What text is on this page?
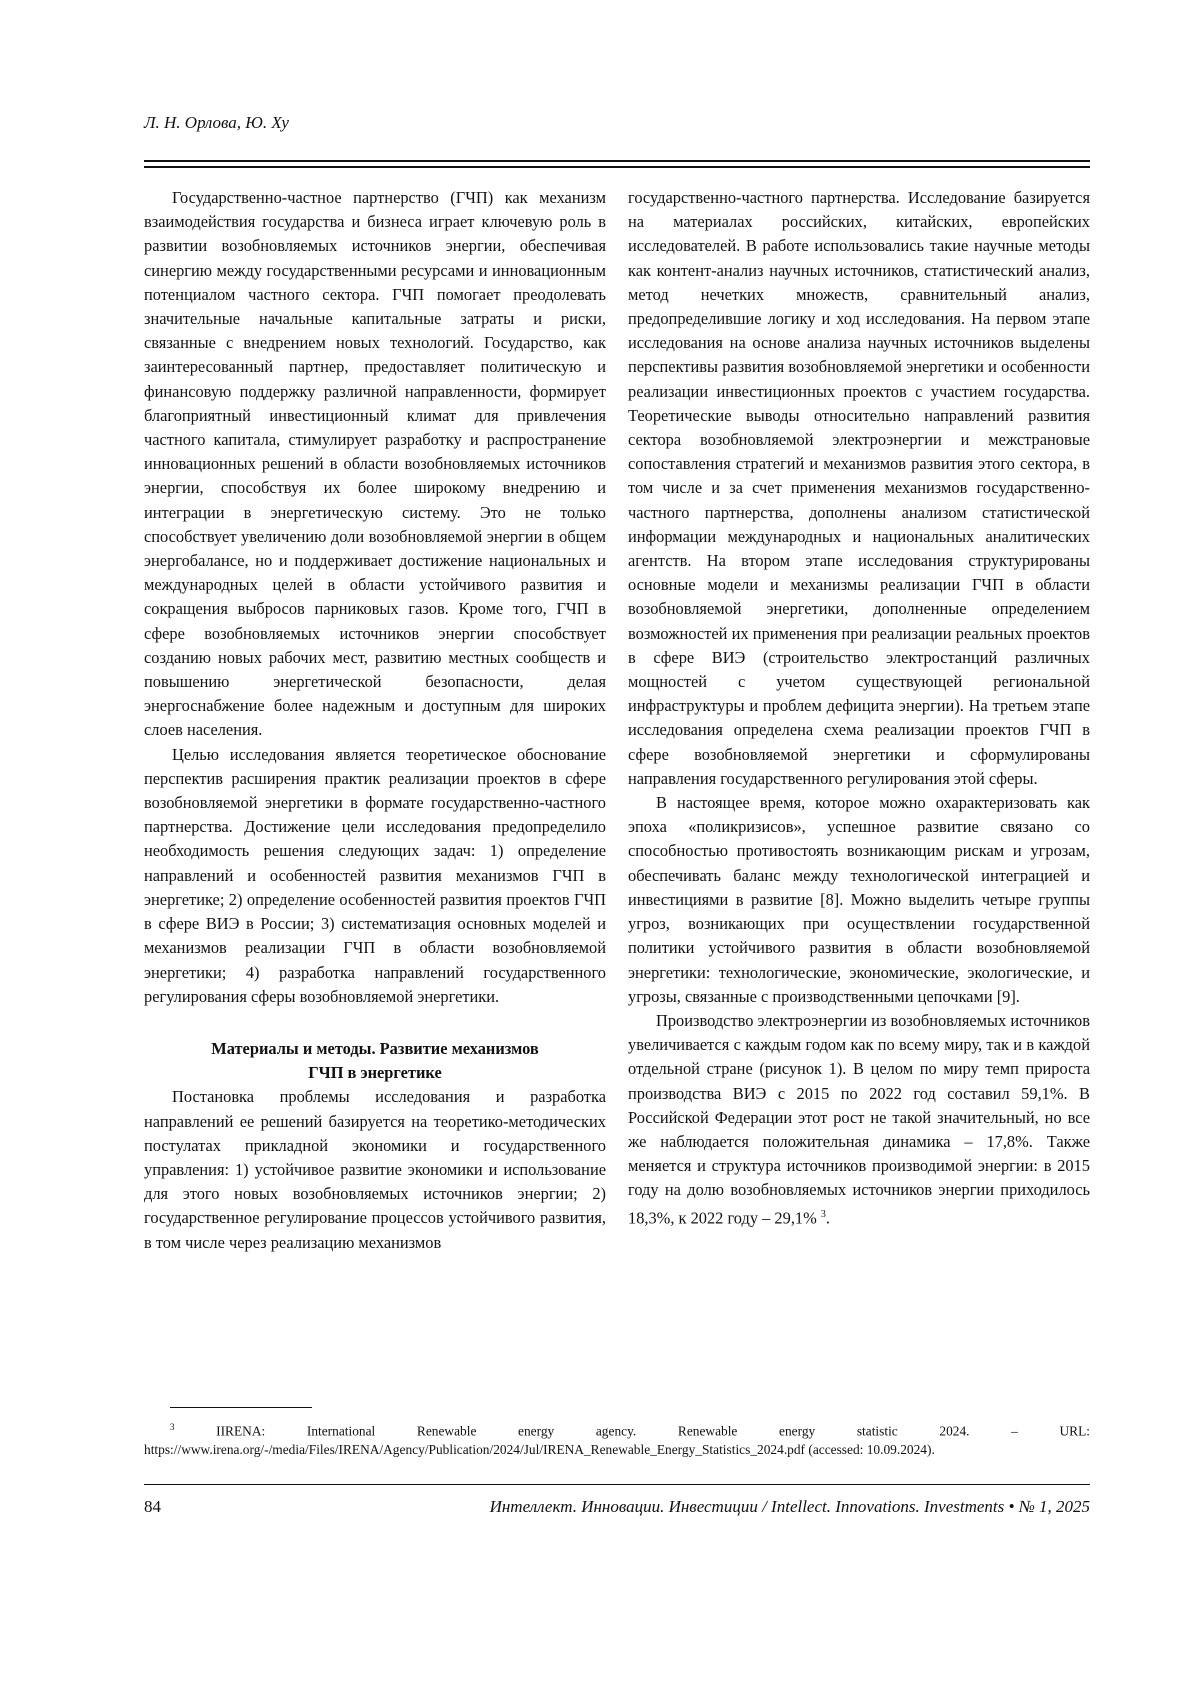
Л. Н. Орлова, Ю. Ху

Государственно-частное партнерство (ГЧП) как механизм взаимодействия государства и бизнеса играет ключевую роль в развитии возобновляемых источников энергии, обеспечивая синергию между государственными ресурсами и инновационным потенциалом частного сектора. ГЧП помогает преодолевать значительные начальные капитальные затраты и риски, связанные с внедрением новых технологий. Государство, как заинтересованный партнер, предоставляет политическую и финансовую поддержку различной направленности, формирует благоприятный инвестиционный климат для привлечения частного капитала, стимулирует разработку и распространение инновационных решений в области возобновляемых источников энергии, способствуя их более широкому внедрению и интеграции в энергетическую систему. Это не только способствует увеличению доли возобновляемой энергии в общем энергобалансе, но и поддерживает достижение национальных и международных целей в области устойчивого развития и сокращения выбросов парниковых газов. Кроме того, ГЧП в сфере возобновляемых источников энергии способствует созданию новых рабочих мест, развитию местных сообществ и повышению энергетической безопасности, делая энергоснабжение более надежным и доступным для широких слоев населения.

Целью исследования является теоретическое обоснование перспектив расширения практик реализации проектов в сфере возобновляемой энергетики в формате государственно-частного партнерства. Достижение цели исследования предопределило необходимость решения следующих задач: 1) определение направлений и особенностей развития механизмов ГЧП в энергетике; 2) определение особенностей развития проектов ГЧП в сфере ВИЭ в России; 3) систематизация основных моделей и механизмов реализации ГЧП в области возобновляемой энергетики; 4) разработка направлений государственного регулирования сферы возобновляемой энергетики.

Материалы и методы. Развитие механизмов
ГЧП в энергетике

Постановка проблемы исследования и разработка направлений ее решений базируется на теоретико-методических постулатах прикладной экономики и государственного управления: 1) устойчивое развитие экономики и использование для этого новых возобновляемых источников энергии; 2) государственное регулирование процессов устойчивого развития, в том числе через реализацию механизмов

государственно-частного партнерства. Исследование базируется на материалах российских, китайских, европейских исследователей. В работе использовались такие научные методы как контент-анализ научных источников, статистический анализ, метод нечетких множеств, сравнительный анализ, предопределившие логику и ход исследования. На первом этапе исследования на основе анализа научных источников выделены перспективы развития возобновляемой энергетики и особенности реализации инвестиционных проектов с участием государства. Теоретические выводы относительно направлений развития сектора возобновляемой электроэнергии и межстрановые сопоставления стратегий и механизмов развития этого сектора, в том числе и за счет применения механизмов государственно-частного партнерства, дополнены анализом статистической информации международных и национальных аналитических агентств. На втором этапе исследования структурированы основные модели и механизмы реализации ГЧП в области возобновляемой энергетики, дополненные определением возможностей их применения при реализации реальных проектов в сфере ВИЭ (строительство электростанций различных мощностей с учетом существующей региональной инфраструктуры и проблем дефицита энергии). На третьем этапе исследования определена схема реализации проектов ГЧП в сфере возобновляемой энергетики и сформулированы направления государственного регулирования этой сферы.

В настоящее время, которое можно охарактеризовать как эпоха «поликризисов», успешное развитие связано со способностью противостоять возникающим рискам и угрозам, обеспечивать баланс между технологической интеграцией и инвестициями в развитие [8]. Можно выделить четыре группы угроз, возникающих при осуществлении государственной политики устойчивого развития в области возобновляемой энергетики: технологические, экономические, экологические, и угрозы, связанные с производственными цепочками [9].

Производство электроэнергии из возобновляемых источников увеличивается с каждым годом как по всему миру, так и в каждой отдельной стране (рисунок 1). В целом по миру темп прироста производства ВИЭ с 2015 по 2022 год составил 59,1%. В Российской Федерации этот рост не такой значительный, но все же наблюдается положительная динамика – 17,8%. Также меняется и структура источников производимой энергии: в 2015 году на долю возобновляемых источников энергии приходилось 18,3%, к 2022 году – 29,1% $^3$.

$^3$	IIRENA: International Renewable energy agency. Renewable energy statistic 2024. – URL: https://www.irena.org/-/media/Files/IRENA/Agency/Publication/2024/Jul/IRENA_Renewable_Energy_Statistics_2024.pdf (accessed: 10.09.2024).
84	Интеллект. Инновации. Инвестиции / Intellect. Innovations. Investments • № 1, 2025
